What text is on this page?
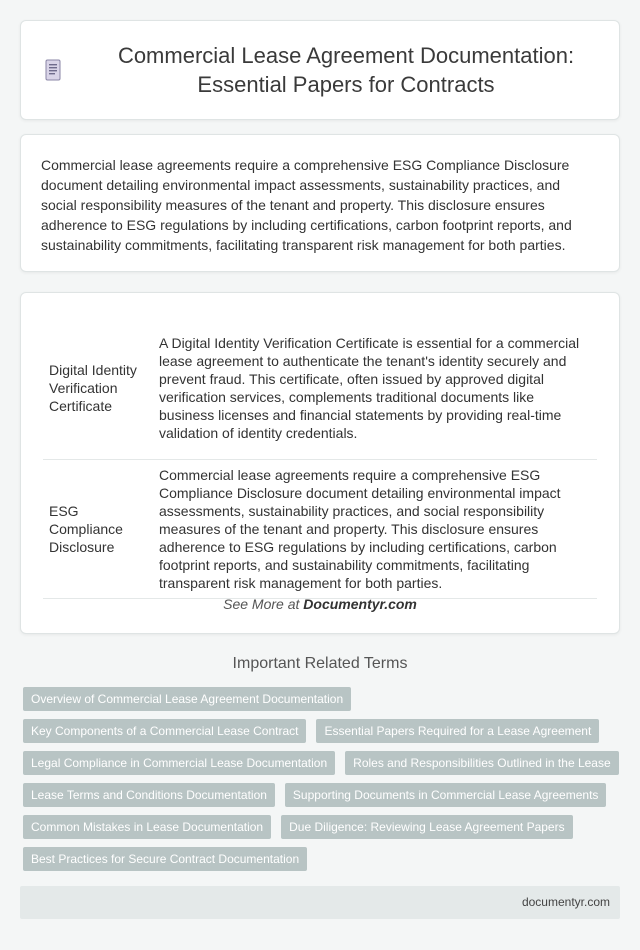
Commercial Lease Agreement Documentation: Essential Papers for Contracts

Commercial lease agreements require a comprehensive ESG Compliance Disclosure document detailing environmental impact assessments, sustainability practices, and social responsibility measures of the tenant and property. This disclosure ensures adherence to ESG regulations by including certifications, carbon footprint reports, and sustainability commitments, facilitating transparent risk management for both parties.

Digital Identity Verification Certificate	A Digital Identity Verification Certificate is essential for a commercial lease agreement to authenticate the tenant's identity securely and prevent fraud. This certificate, often issued by approved digital verification services, complements traditional documents like business licenses and financial statements by providing real-time validation of identity credentials.
ESG Compliance Disclosure	Commercial lease agreements require a comprehensive ESG Compliance Disclosure document detailing environmental impact assessments, sustainability practices, and social responsibility measures of the tenant and property. This disclosure ensures adherence to ESG regulations by including certifications, carbon footprint reports, and sustainability commitments, facilitating transparent risk management for both parties.
See More at Documentyr.com
Important Related Terms
Overview of Commercial Lease Agreement Documentation
Key Components of a Commercial Lease Contract	Essential Papers Required for a Lease Agreement
Legal Compliance in Commercial Lease Documentation	Roles and Responsibilities Outlined in the Lease
Lease Terms and Conditions Documentation	Supporting Documents in Commercial Lease Agreements
Common Mistakes in Lease Documentation	Due Diligence: Reviewing Lease Agreement Papers
Best Practices for Secure Contract Documentation
documentyr.com
